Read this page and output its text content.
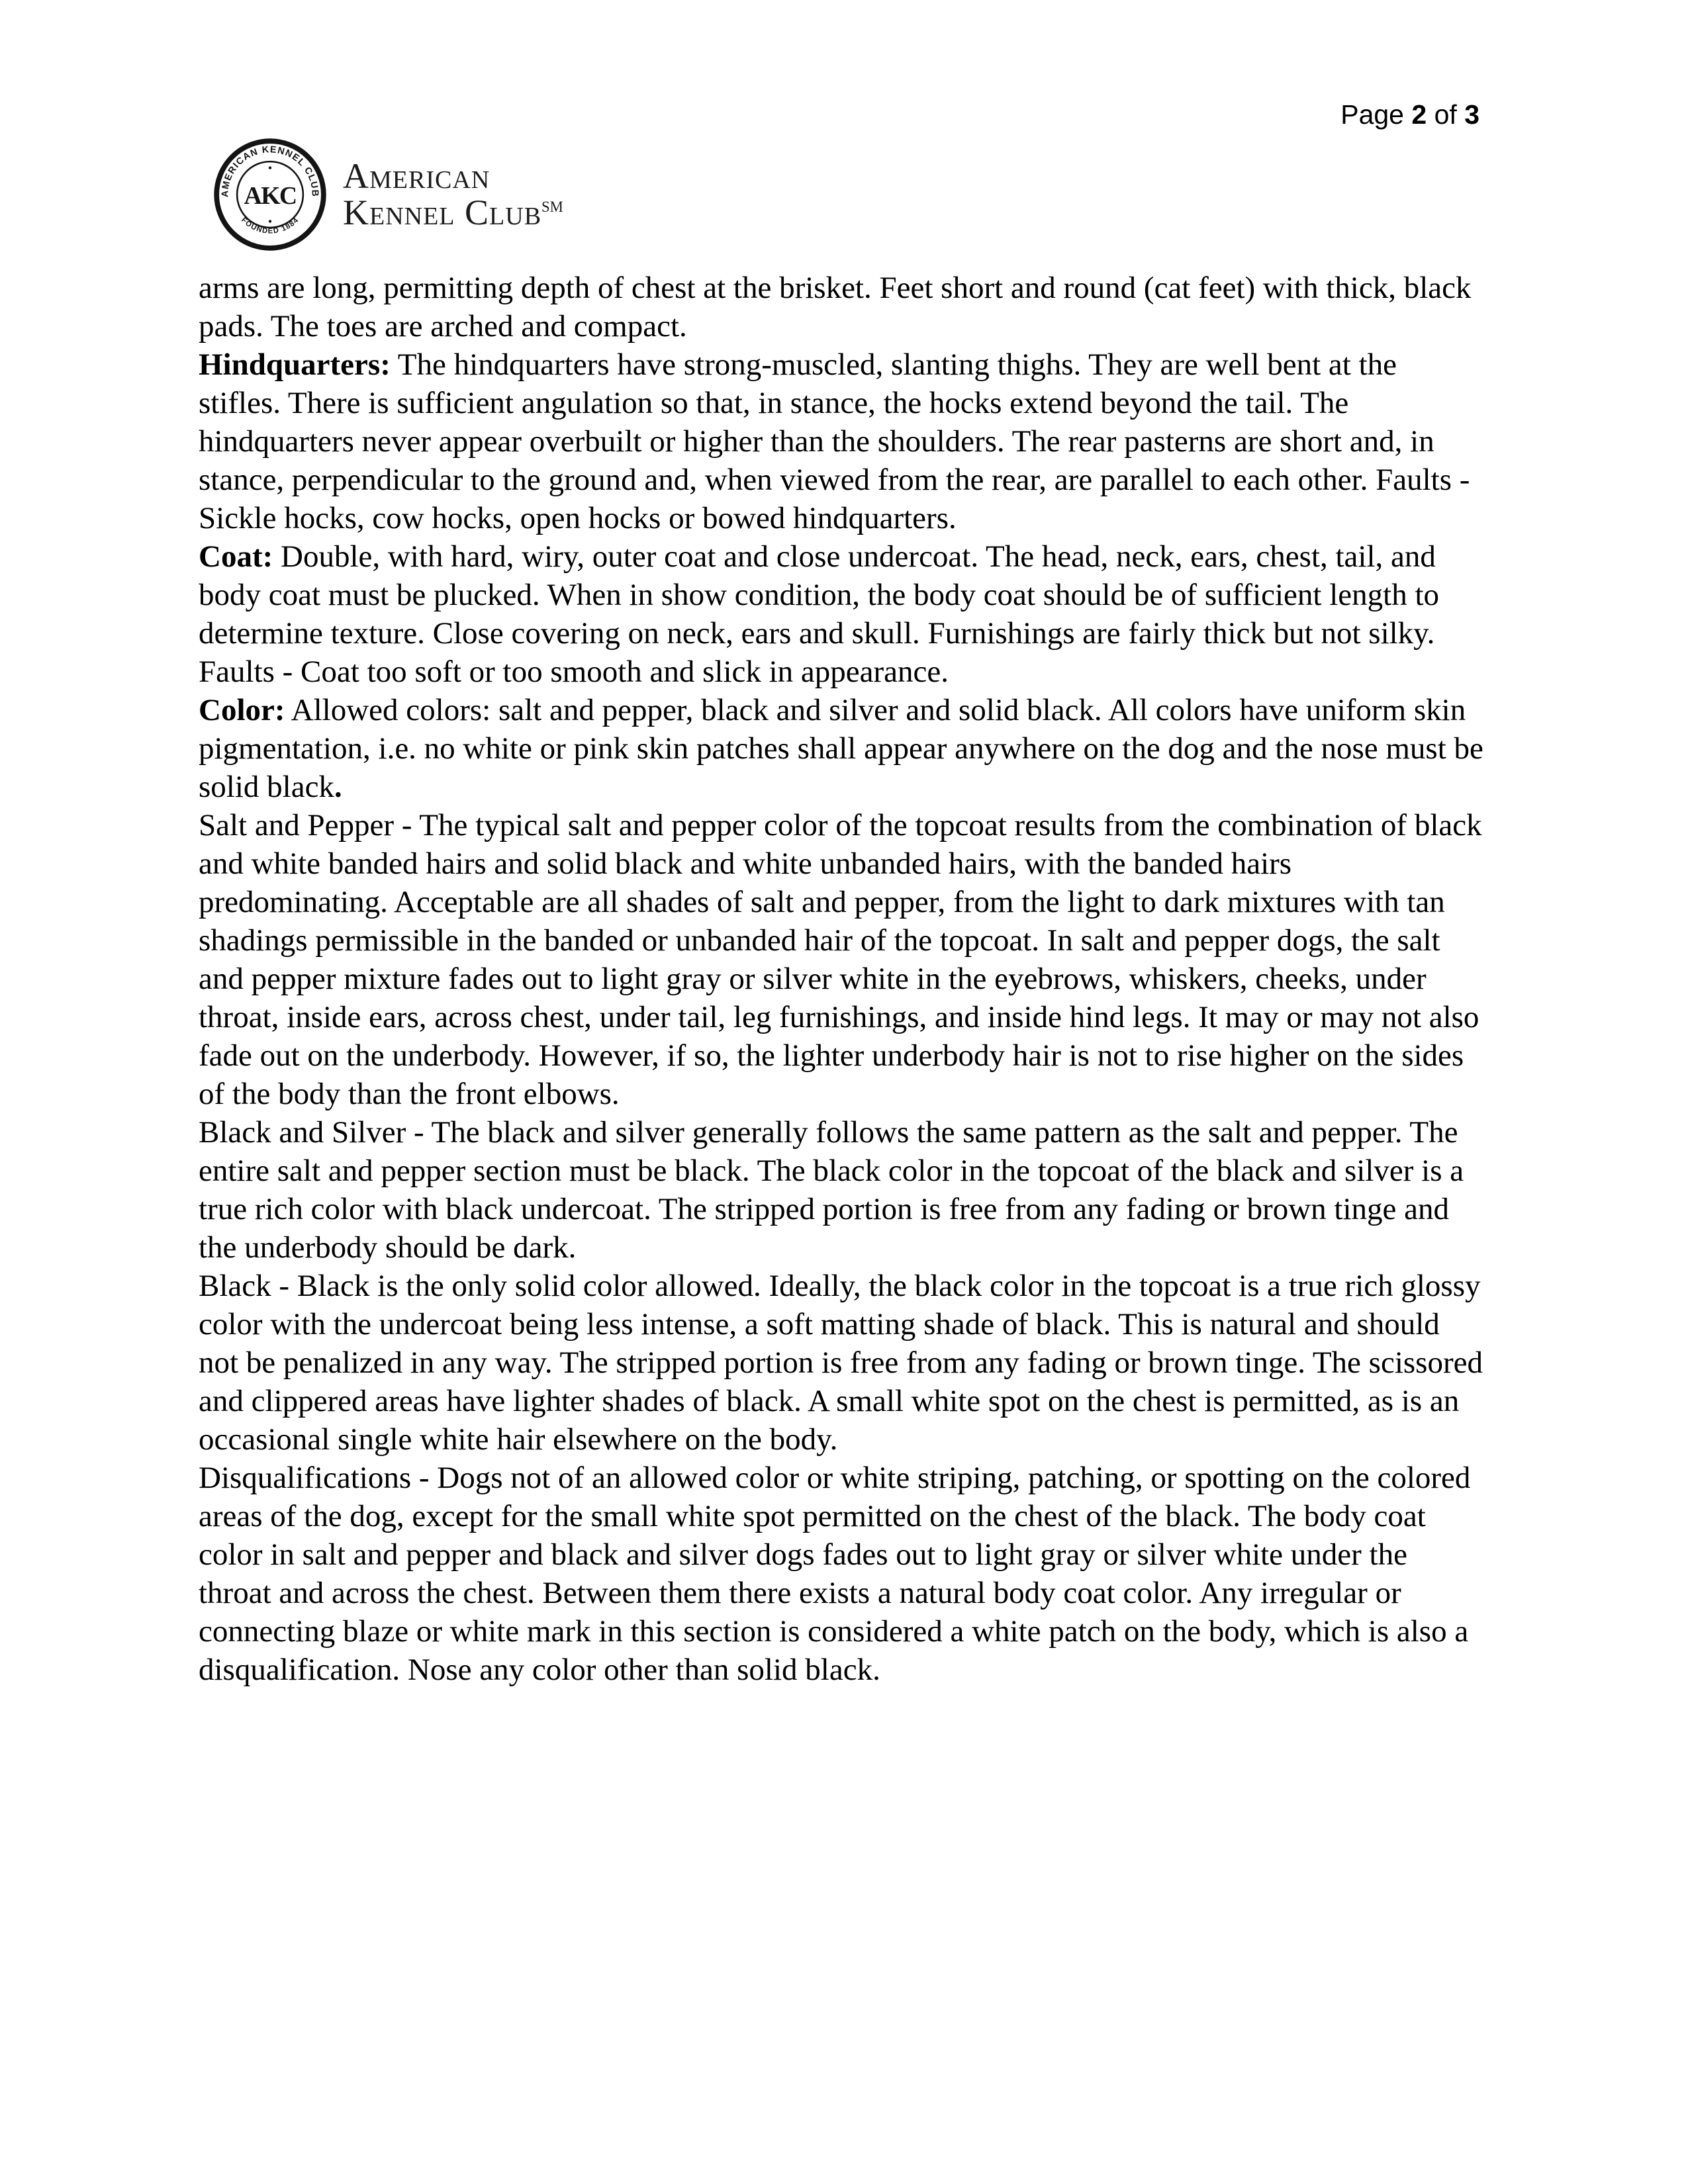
Page 2 of 3
AMERICAN KENNEL CLUB
FOUNDED 1884
AKC American
Kennel Club℠

arms are long, permitting depth of chest at the brisket. Feet short and round (cat feet) with thick, black pads. The toes are arched and compact.

Hindquarters: The hindquarters have strong-muscled, slanting thighs. They are well bent at the stifles. There is sufficient angulation so that, in stance, the hocks extend beyond the tail. The hindquarters never appear overbuilt or higher than the shoulders. The rear pasterns are short and, in stance, perpendicular to the ground and, when viewed from the rear, are parallel to each other. Faults - Sickle hocks, cow hocks, open hocks or bowed hindquarters.

Coat: Double, with hard, wiry, outer coat and close undercoat. The head, neck, ears, chest, tail, and body coat must be plucked. When in show condition, the body coat should be of sufficient length to determine texture. Close covering on neck, ears and skull. Furnishings are fairly thick but not silky. Faults - Coat too soft or too smooth and slick in appearance.

Color: Allowed colors: salt and pepper, black and silver and solid black. All colors have uniform skin pigmentation, i.e. no white or pink skin patches shall appear anywhere on the dog and the nose must be solid black.

Salt and Pepper - The typical salt and pepper color of the topcoat results from the combination of black and white banded hairs and solid black and white unbanded hairs, with the banded hairs predominating. Acceptable are all shades of salt and pepper, from the light to dark mixtures with tan shadings permissible in the banded or unbanded hair of the topcoat. In salt and pepper dogs, the salt and pepper mixture fades out to light gray or silver white in the eyebrows, whiskers, cheeks, under throat, inside ears, across chest, under tail, leg furnishings, and inside hind legs. It may or may not also fade out on the underbody. However, if so, the lighter underbody hair is not to rise higher on the sides of the body than the front elbows.

Black and Silver - The black and silver generally follows the same pattern as the salt and pepper. The entire salt and pepper section must be black. The black color in the topcoat of the black and silver is a true rich color with black undercoat. The stripped portion is free from any fading or brown tinge and the underbody should be dark.

Black - Black is the only solid color allowed. Ideally, the black color in the topcoat is a true rich glossy color with the undercoat being less intense, a soft matting shade of black. This is natural and should not be penalized in any way. The stripped portion is free from any fading or brown tinge. The scissored and clippered areas have lighter shades of black. A small white spot on the chest is permitted, as is an occasional single white hair elsewhere on the body.

Disqualifications - Dogs not of an allowed color or white striping, patching, or spotting on the colored areas of the dog, except for the small white spot permitted on the chest of the black. The body coat color in salt and pepper and black and silver dogs fades out to light gray or silver white under the throat and across the chest. Between them there exists a natural body coat color. Any irregular or connecting blaze or white mark in this section is considered a white patch on the body, which is also a disqualification. Nose any color other than solid black.
